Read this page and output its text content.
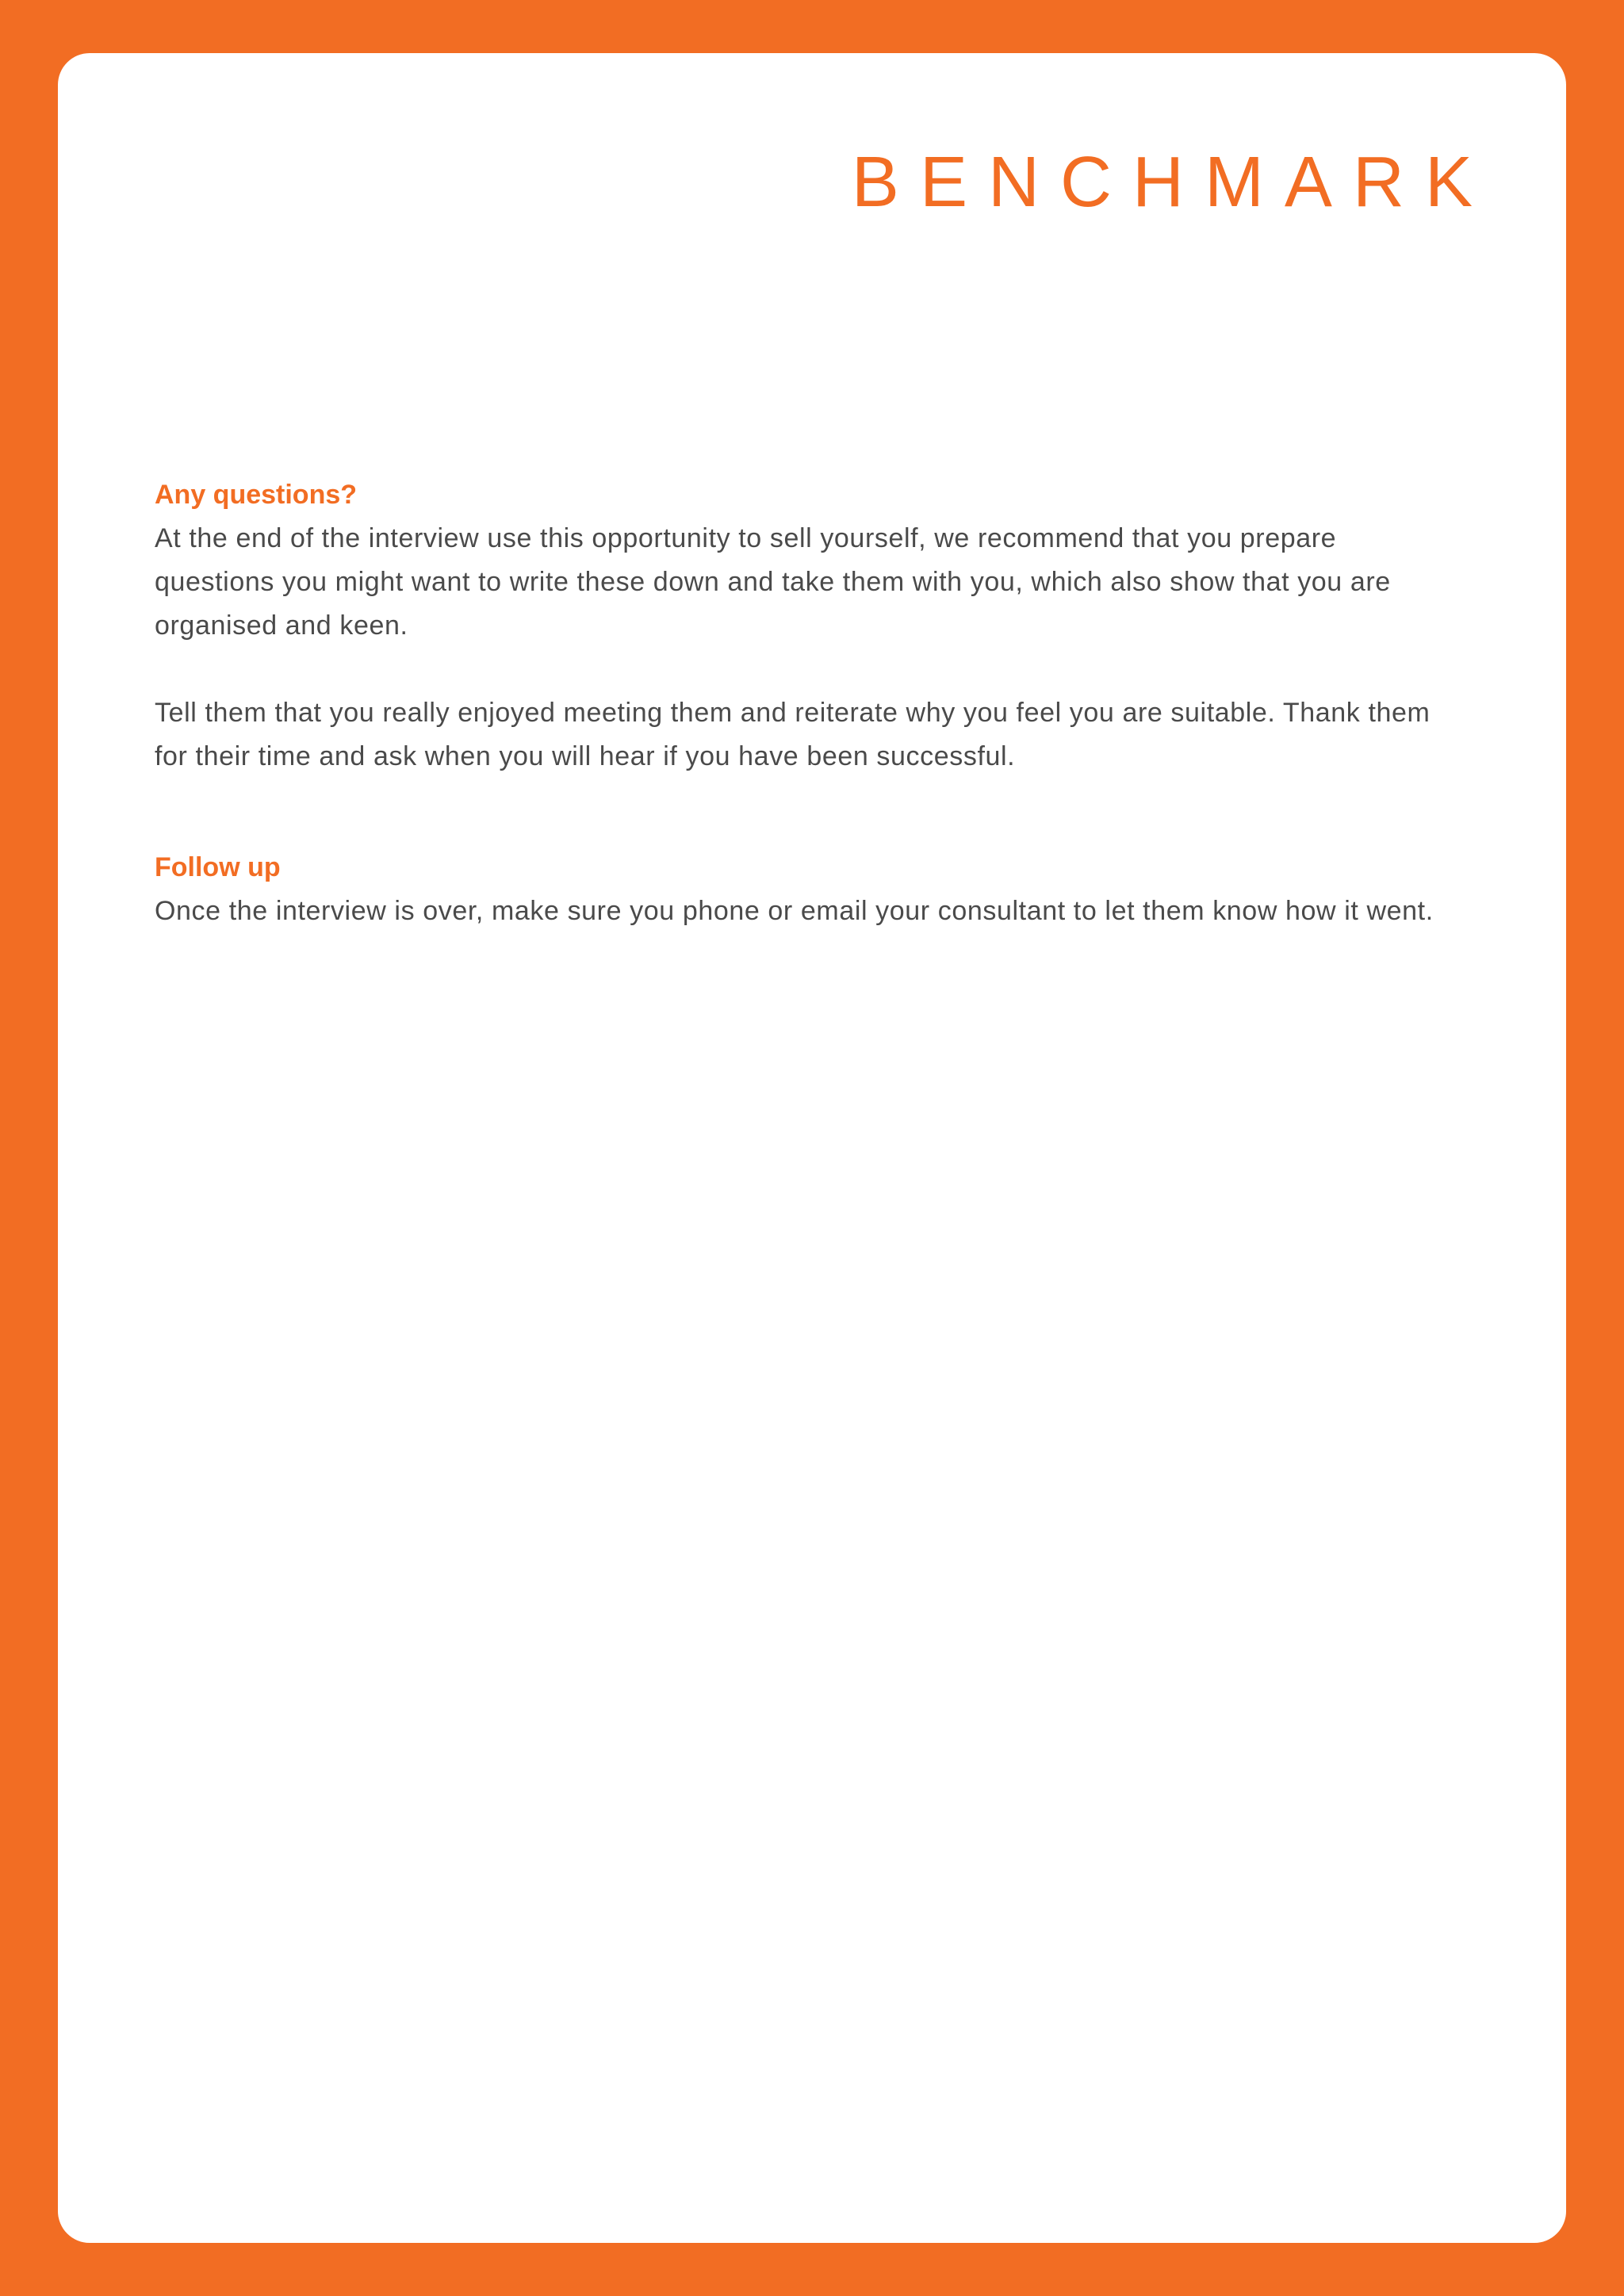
BENCHMARK
Any questions?

At the end of the interview use this opportunity to sell yourself, we recommend that you prepare questions you might want to write these down and take them with you, which also show that you are organised and keen.

Tell them that you really enjoyed meeting them and reiterate why you feel you are suitable. Thank them for their time and ask when you will hear if you have been successful.

Follow up

Once the interview is over, make sure you phone or email your consultant to let them know how it went.
